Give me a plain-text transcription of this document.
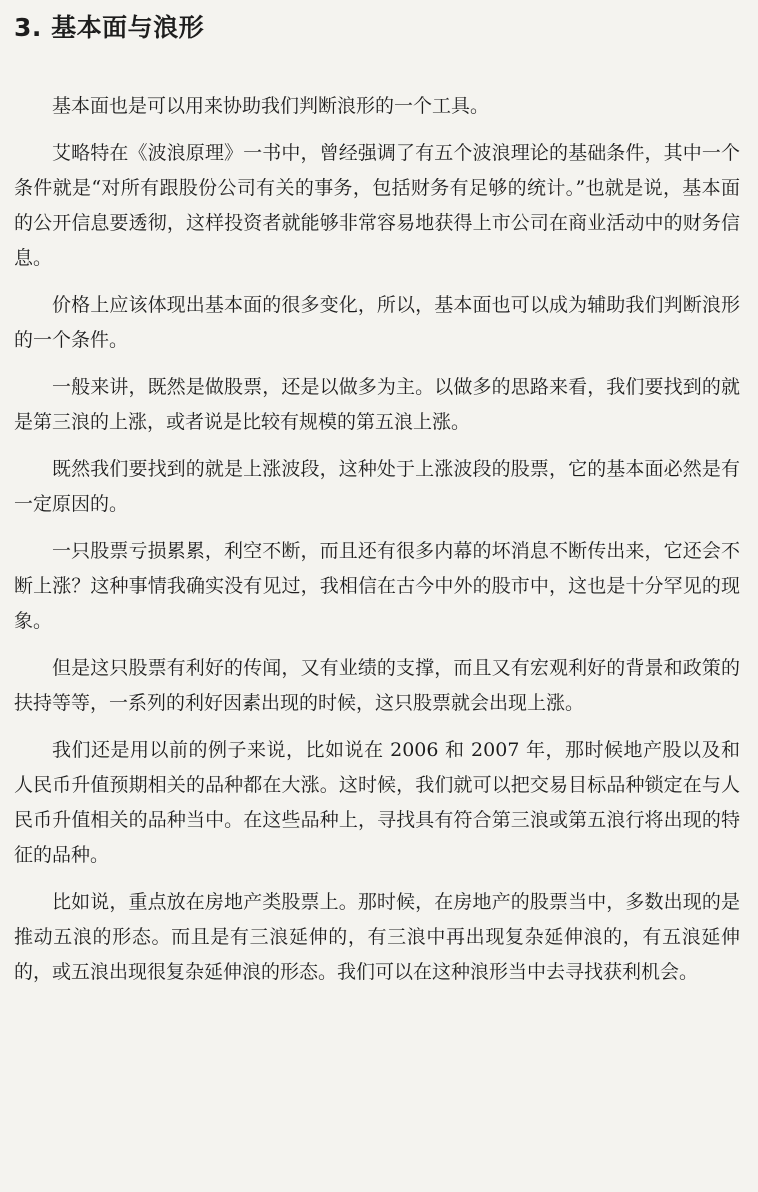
3. 基本面与浪形

基本面也是可以用来协助我们判断浪形的一个工具。

艾略特在《波浪原理》一书中，曾经强调了有五个波浪理论的基础条件，其中一个条件就是“对所有跟股份公司有关的事务，包括财务有足够的统计。”也就是说，基本面的公开信息要透彻，这样投资者就能够非常容易地获得上市公司在商业活动中的财务信息。

价格上应该体现出基本面的很多变化，所以，基本面也可以成为辅助我们判断浪形的一个条件。

一般来讲，既然是做股票，还是以做多为主。以做多的思路来看，我们要找到的就是第三浪的上涨，或者说是比较有规模的第五浪上涨。

既然我们要找到的就是上涨波段，这种处于上涨波段的股票，它的基本面必然是有一定原因的。

一只股票亏损累累，利空不断，而且还有很多内幕的坏消息不断传出来，它还会不断上涨？这种事情我确实没有见过，我相信在古今中外的股市中，这也是十分罕见的现象。

但是这只股票有利好的传闻，又有业绩的支撑，而且又有宏观利好的背景和政策的扶持等等，一系列的利好因素出现的时候，这只股票就会出现上涨。

我们还是用以前的例子来说，比如说在 2006 和 2007 年，那时候地产股以及和人民币升值预期相关的品种都在大涨。这时候，我们就可以把交易目标品种锁定在与人民币升值相关的品种当中。在这些品种上，寻找具有符合第三浪或第五浪行将出现的特征的品种。

比如说，重点放在房地产类股票上。那时候，在房地产的股票当中，多数出现的是推动五浪的形态。而且是有三浪延伸的，有三浪中再出现复杂延伸浪的，有五浪延伸的，或五浪出现很复杂延伸浪的形态。我们可以在这种浪形当中去寻找获利机会。
